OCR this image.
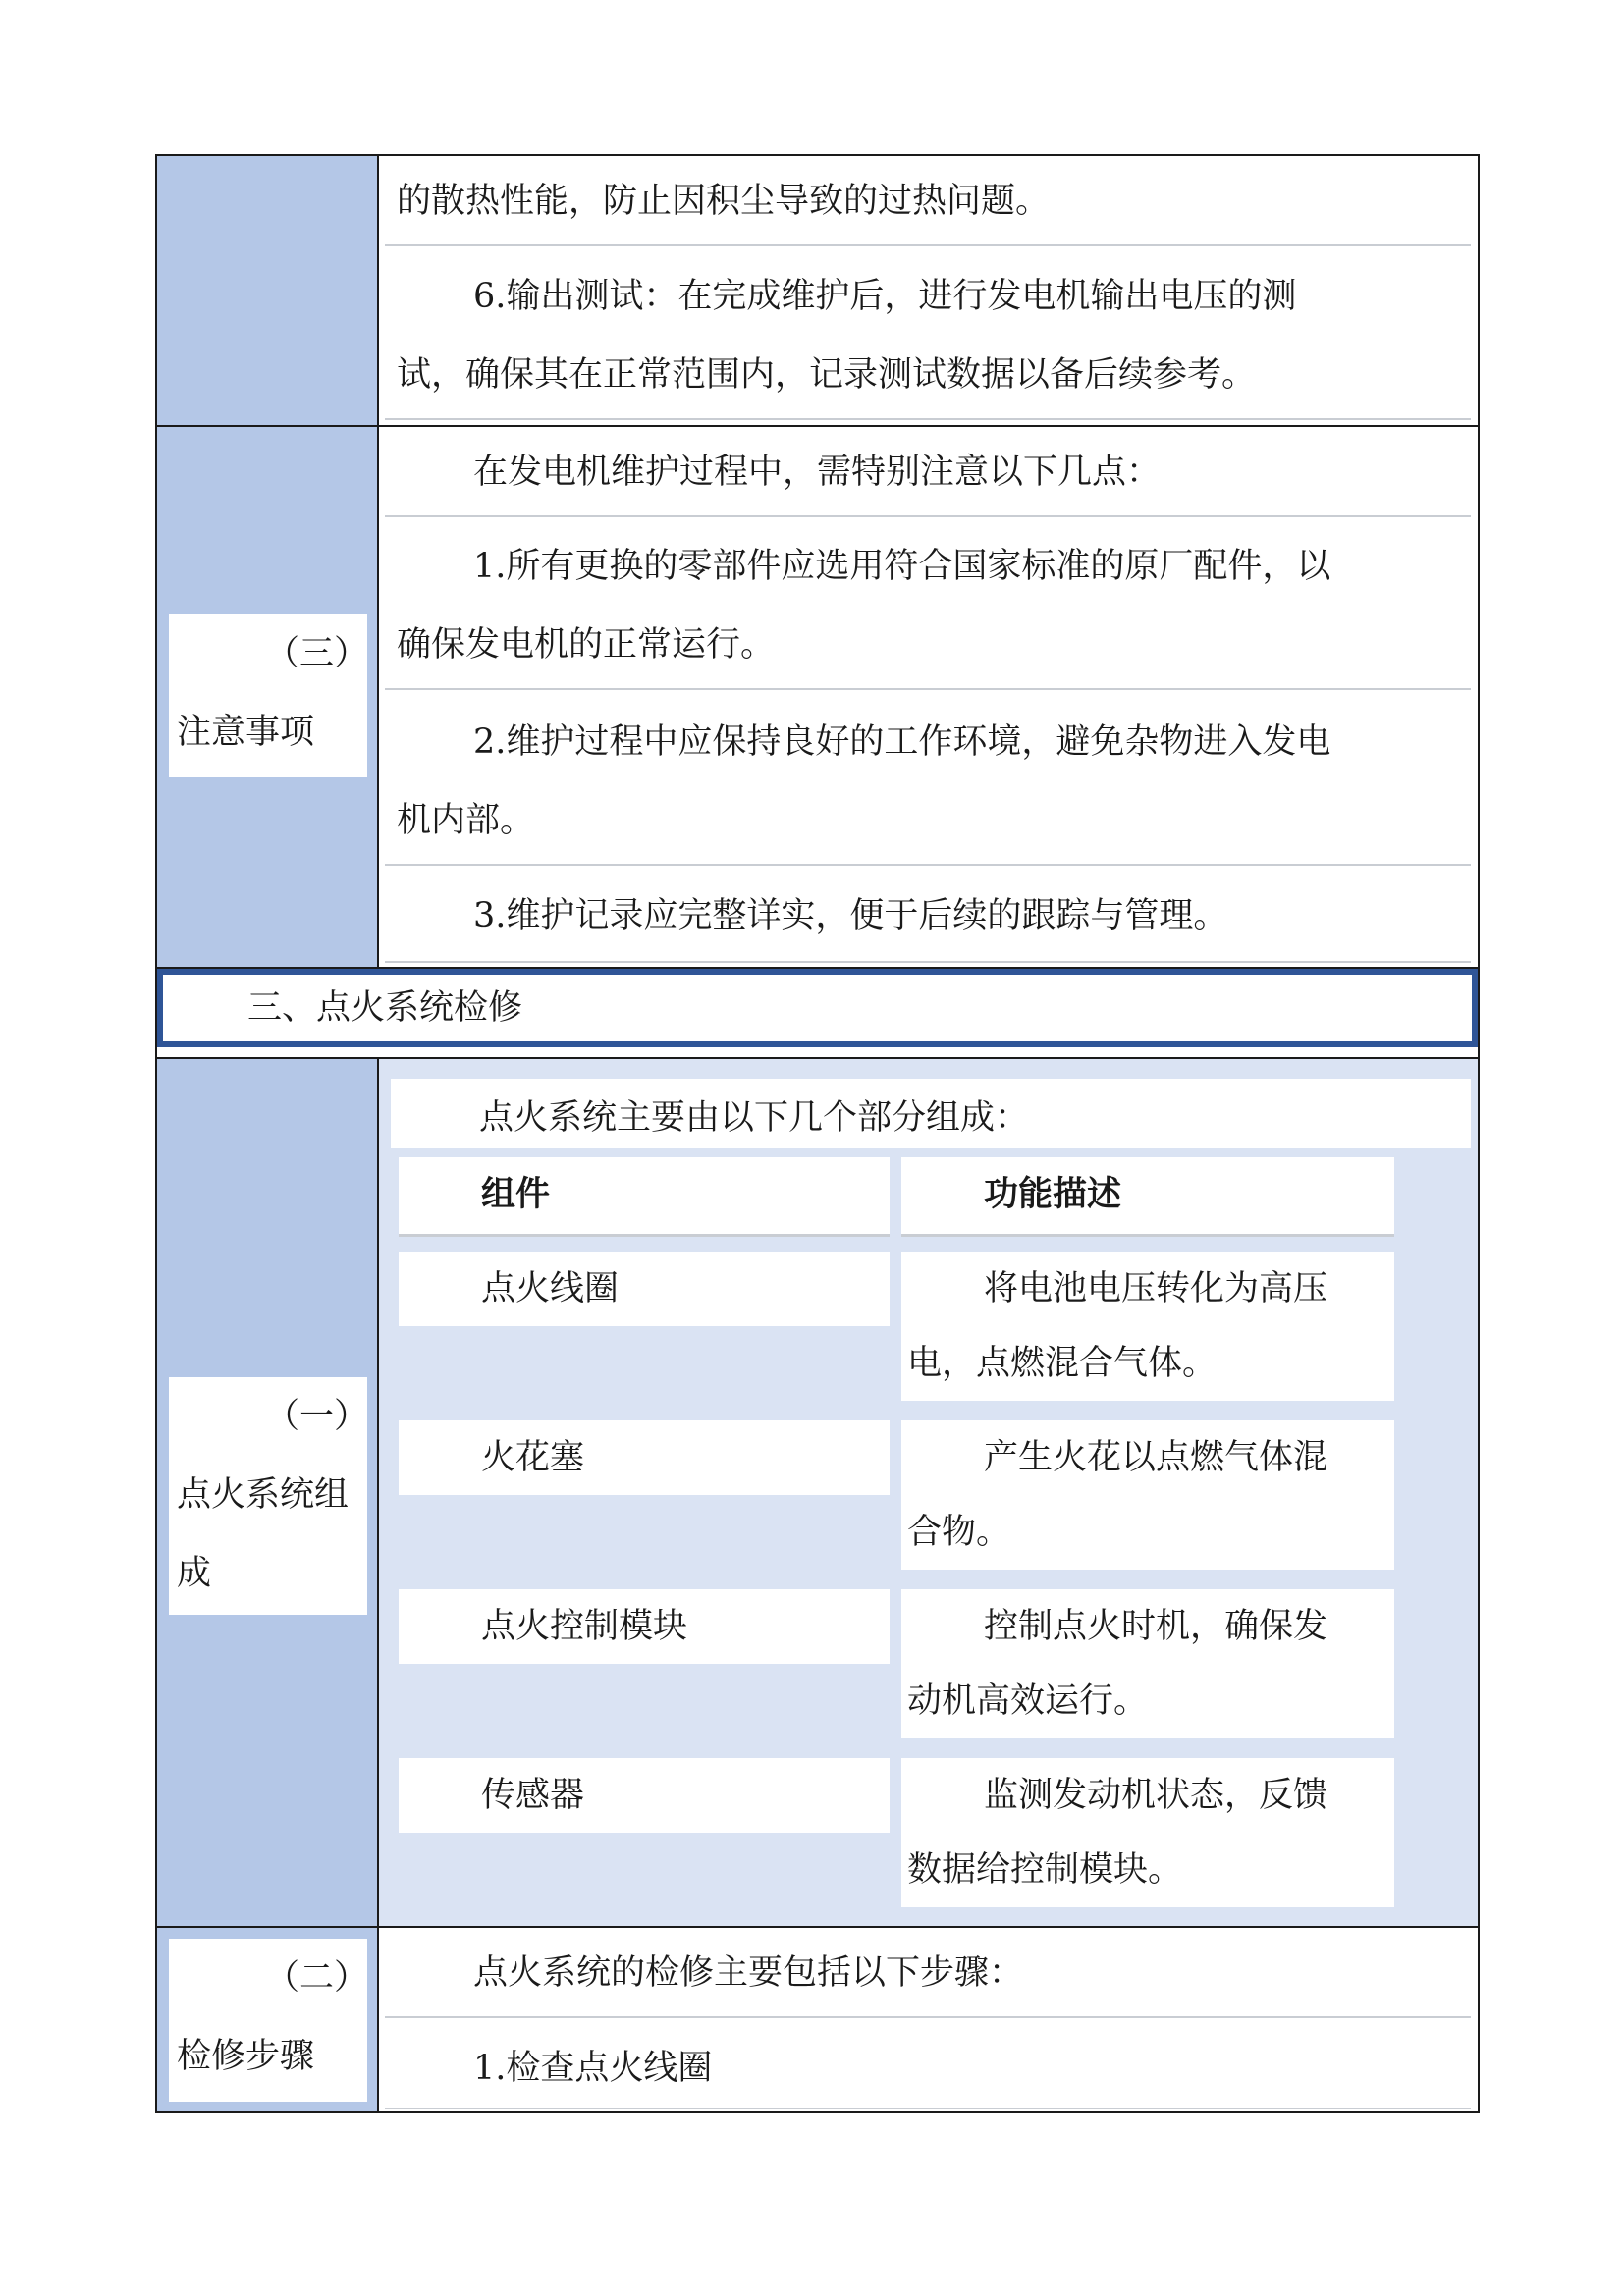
的散热性能，防止因积尘导致的过热问题。
6.输出测试：在完成维护后，进行发电机输出电压的测
试，确保其在正常范围内，记录测试数据以备后续参考。
（三）
注意事项
在发电机维护过程中，需特别注意以下几点：
1.所有更换的零部件应选用符合国家标准的原厂配件，以
确保发电机的正常运行。
2.维护过程中应保持良好的工作环境，避免杂物进入发电
机内部。
3.维护记录应完整详实，便于后续的跟踪与管理。
三、点火系统检修
（一）
点火系统组
成
点火系统主要由以下几个部分组成：
组件	功能描述
点火线圈	将电池电压转化为高压
电，点燃混合气体。
火花塞	产生火花以点燃气体混
合物。
点火控制模块	控制点火时机，确保发
动机高效运行。
传感器	监测发动机状态，反馈
数据给控制模块。
（二）
检修步骤
点火系统的检修主要包括以下步骤：
1.检查点火线圈
